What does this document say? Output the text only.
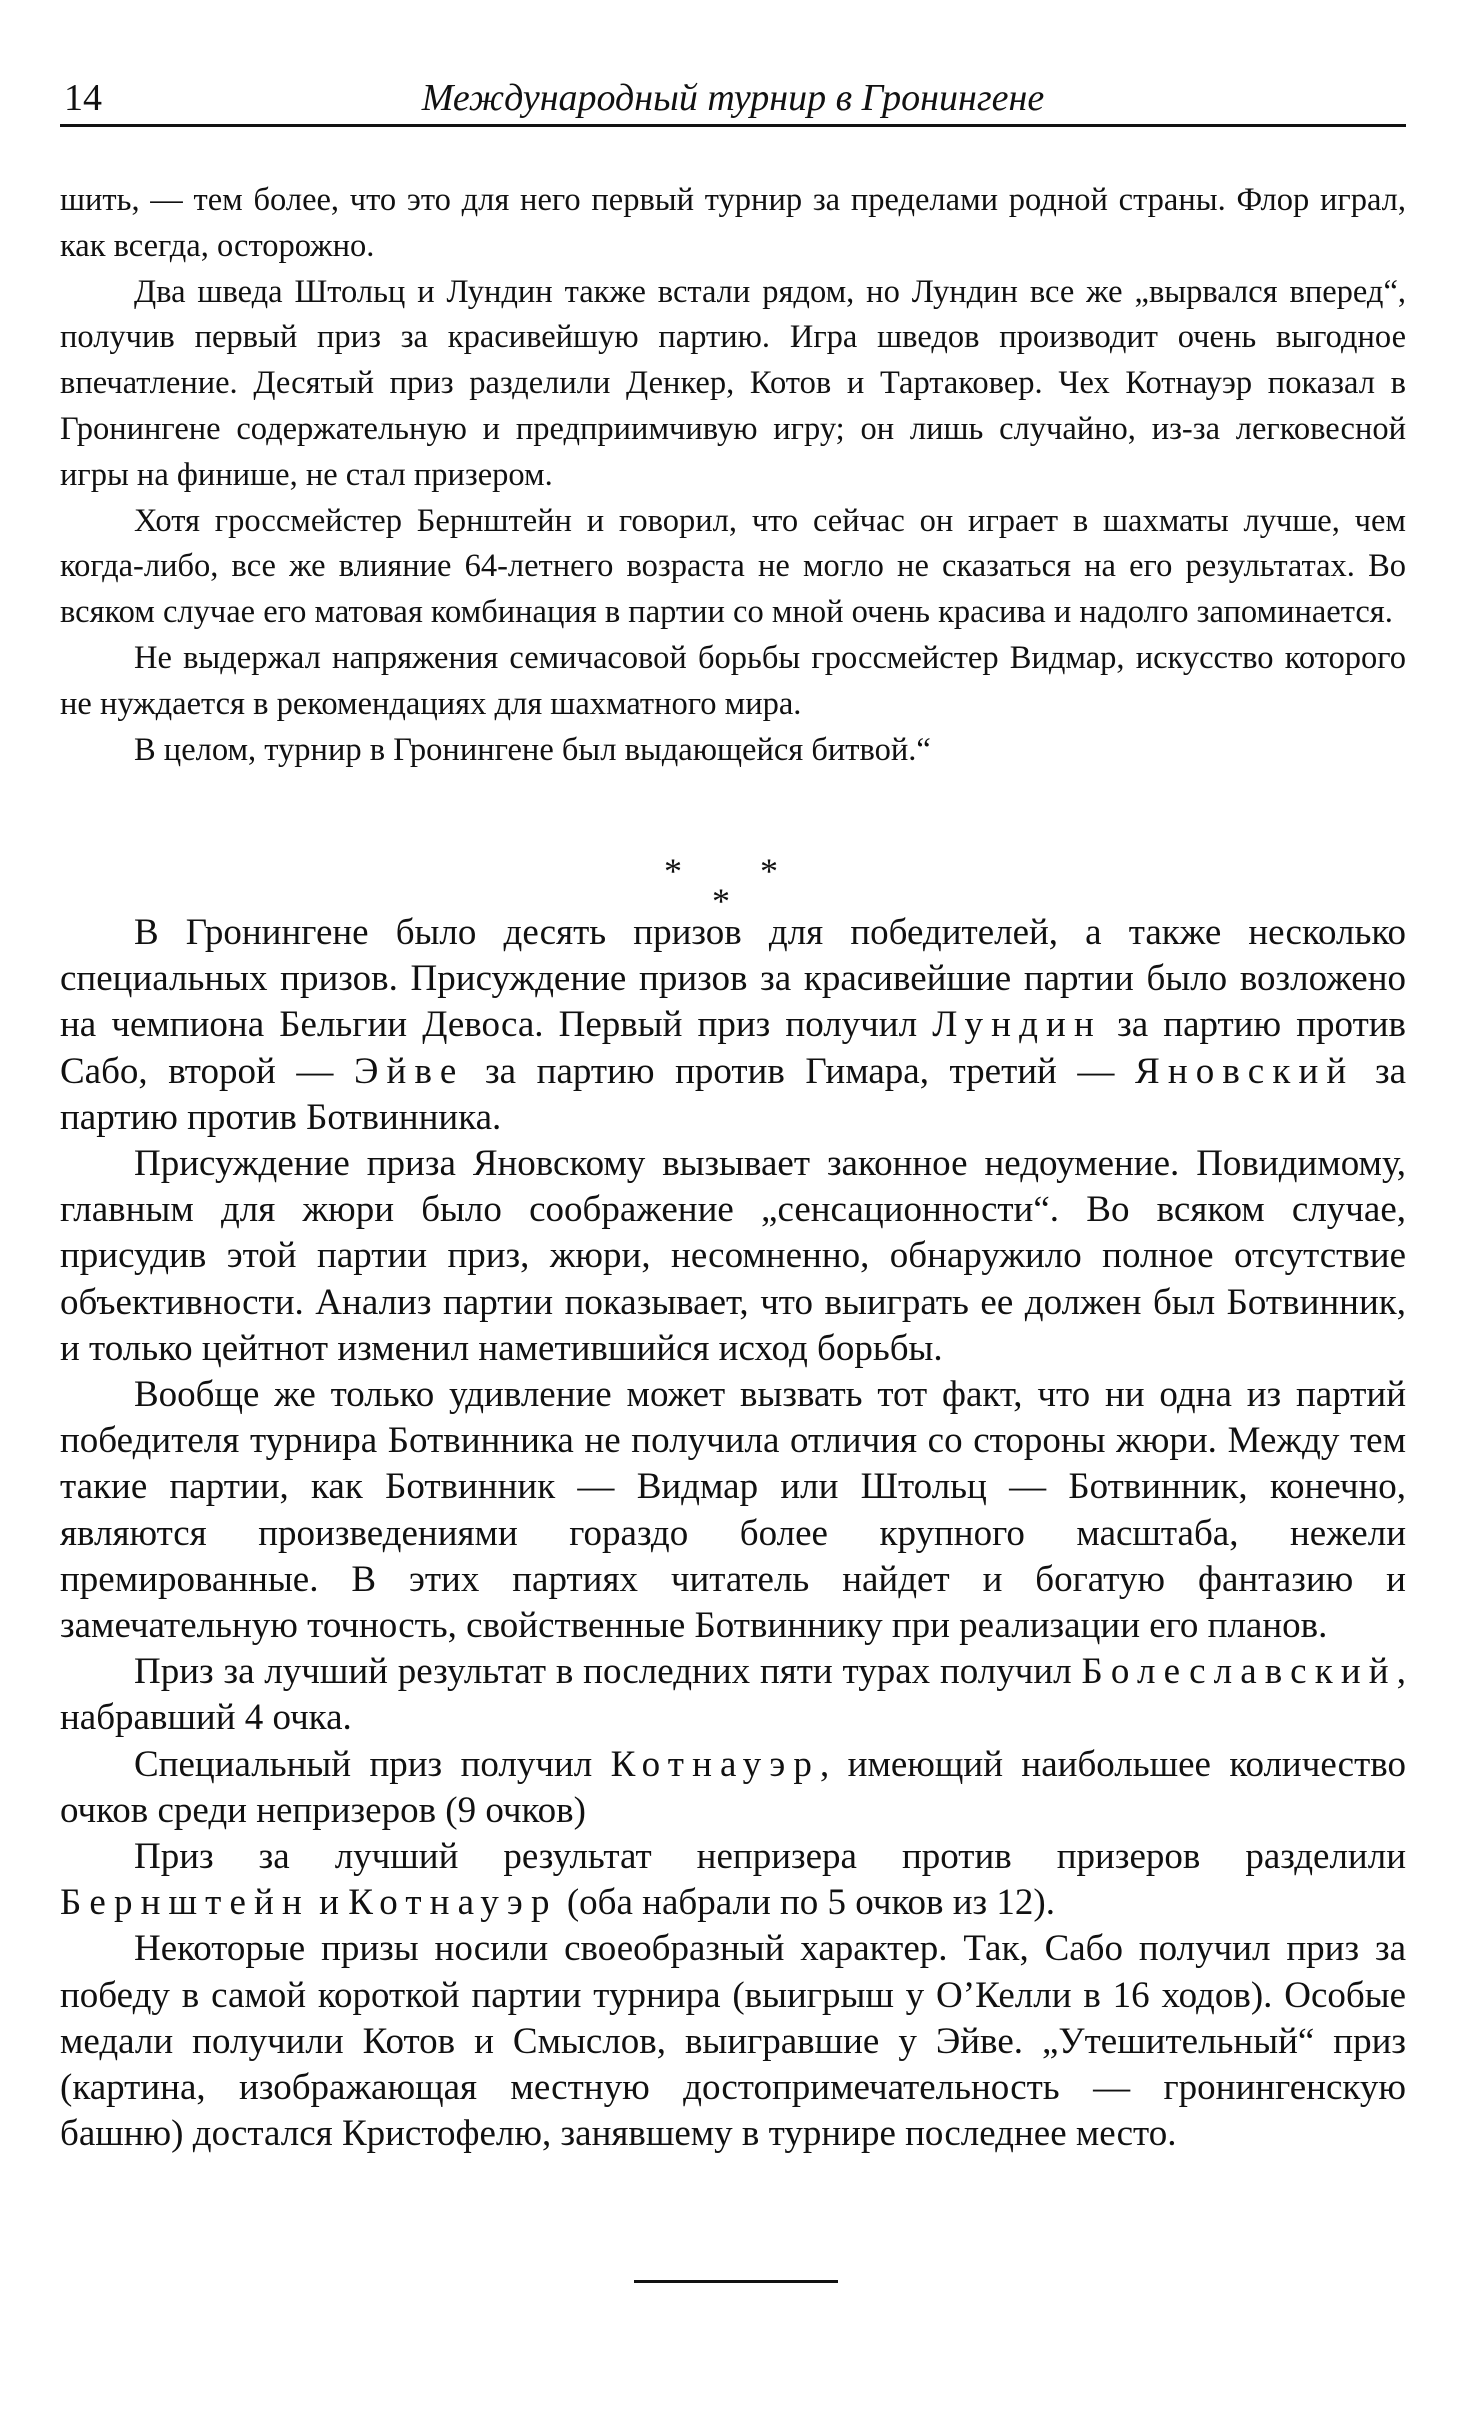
14	Международный турнир в Гронингене

шить, — тем более, что это для него первый турнир за пределами родной страны. Флор играл, как всегда, осторожно.

Два шведа Штольц и Лундин также встали рядом, но Лундин все же „вырвался вперед“, получив первый приз за красивейшую партию. Игра шведов производит очень выгодное впечатление. Десятый приз разделили Денкер, Котов и Тартаковер. Чех Котнауэр показал в Гронингене содержательную и предприимчивую игру; он лишь случайно, из-за легковесной игры на финише, не стал призером.

Хотя гроссмейстер Бернштейн и говорил, что сейчас он играет в шахматы лучше, чем когда-либо, все же влияние 64-летнего возраста не могло не сказаться на его результатах. Во всяком случае его матовая комбинация в партии со мной очень красива и надолго запоминается.

Не выдержал напряжения семичасовой борьбы гроссмейстер Видмар, искусство которого не нуждается в рекомендациях для шахматного мира.

В целом, турнир в Гронингене был выдающейся битвой.“

* *
*

В Гронингене было десять призов для победителей, а также несколько специальных призов. Присуждение призов за красивейшие партии было возложено на чемпиона Бельгии Девоса. Первый приз получил Лундин за партию против Сабо, второй — Эйве за партию против Гимара, третий — Яновский за партию против Ботвинника.

Присуждение приза Яновскому вызывает законное недоумение. Повидимому, главным для жюри было соображение „сенсационности“. Во всяком случае, присудив этой партии приз, жюри, несомненно, обнаружило полное отсутствие объективности. Анализ партии показывает, что выиграть ее должен был Ботвинник, и только цейтнот изменил наметившийся исход борьбы.

Вообще же только удивление может вызвать тот факт, что ни одна из партий победителя турнира Ботвинника не получила отличия со стороны жюри. Между тем такие партии, как Ботвинник — Видмар или Штольц — Ботвинник, конечно, являются произведениями гораздо более крупного масштаба, нежели премированные. В этих партиях читатель найдет и богатую фантазию и замечательную точность, свойственные Ботвиннику при реализации его планов.

Приз за лучший результат в последних пяти турах получил Болеславский, набравший 4 очка.

Специальный приз получил Котнауэр, имеющий наибольшее количество очков среди непризеров (9 очков)

Приз за лучший результат непризера против призеров разделили Бернштейн и Котнауэр (оба набрали по 5 очков из 12).

Некоторые призы носили своеобразный характер. Так, Сабо получил приз за победу в самой короткой партии турнира (выигрыш у О’Келли в 16 ходов). Особые медали получили Котов и Смыслов, выигравшие у Эйве. „Утешительный“ приз (картина, изображающая местную достопримечательность — гронингенскую башню) достался Кристофелю, занявшему в турнире последнее место.
